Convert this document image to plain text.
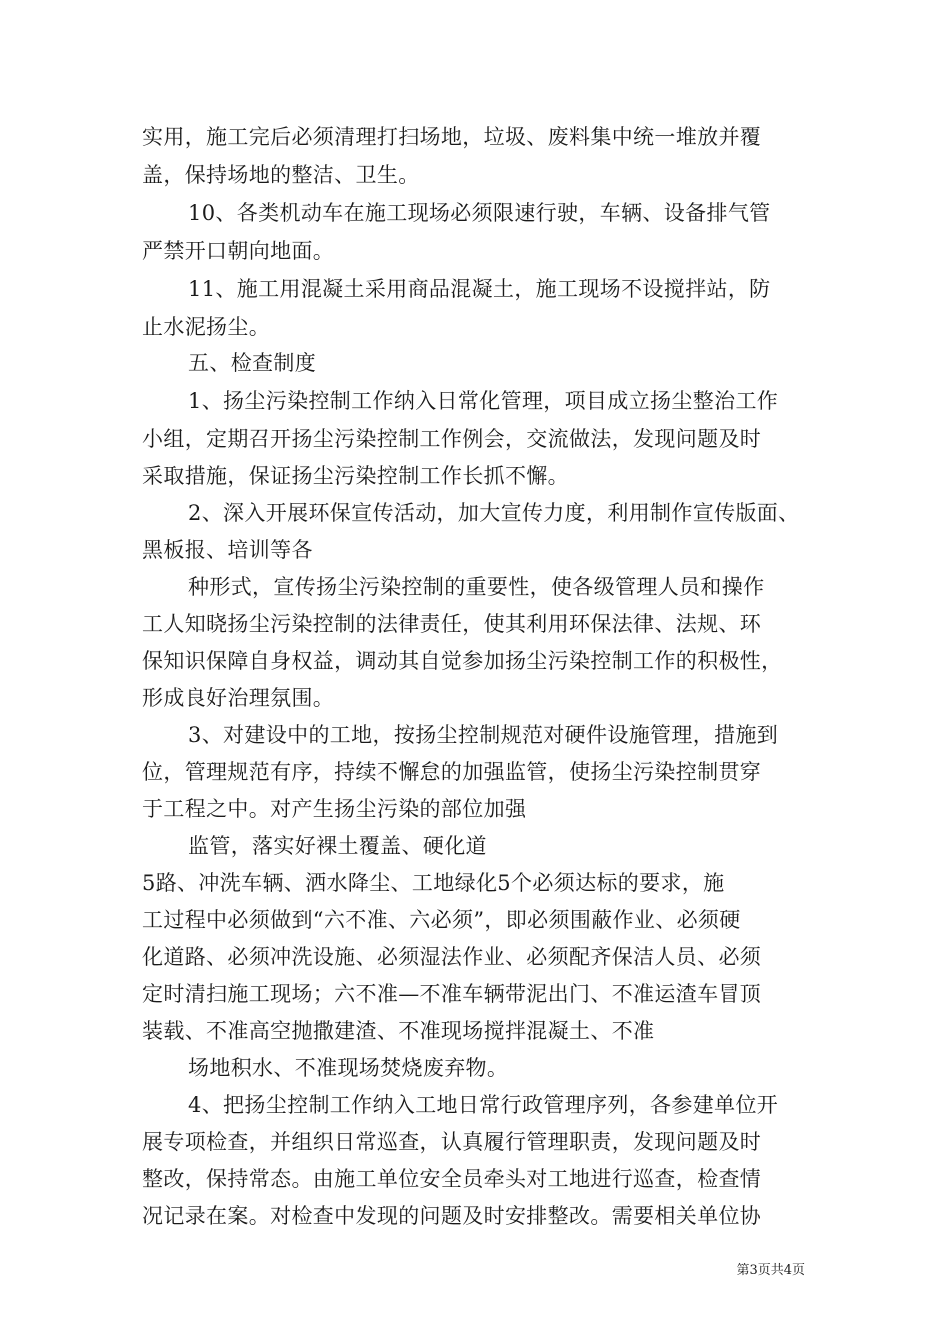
实用，施工完后必须清理打扫场地，垃圾、废料集中统一堆放并覆
盖，保持场地的整洁、卫生。
10、各类机动车在施工现场必须限速行驶，车辆、设备排气管
严禁开口朝向地面。
11、施工用混凝土采用商品混凝土，施工现场不设搅拌站，防
止水泥扬尘。
五、检查制度
1、扬尘污染控制工作纳入日常化管理，项目成立扬尘整治工作
小组，定期召开扬尘污染控制工作例会，交流做法，发现问题及时
采取措施，保证扬尘污染控制工作长抓不懈。
2、深入开展环保宣传活动，加大宣传力度，利用制作宣传版面、
黑板报、培训等各
种形式，宣传扬尘污染控制的重要性，使各级管理人员和操作
工人知晓扬尘污染控制的法律责任，使其利用环保法律、法规、环
保知识保障自身权益，调动其自觉参加扬尘污染控制工作的积极性，
形成良好治理氛围。
3、对建设中的工地，按扬尘控制规范对硬件设施管理，措施到
位，管理规范有序，持续不懈怠的加强监管，使扬尘污染控制贯穿
于工程之中。对产生扬尘污染的部位加强
监管，落实好裸土覆盖、硬化道
5路、冲洗车辆、洒水降尘、工地绿化5个必须达标的要求，施
工过程中必须做到“六不准、六必须”，即必须围蔽作业、必须硬
化道路、必须冲洗设施、必须湿法作业、必须配齐保洁人员、必须
定时清扫施工现场；六不准—不准车辆带泥出门、不准运渣车冒顶
装载、不准高空抛撒建渣、不准现场搅拌混凝土、不准
场地积水、不准现场焚烧废弃物。
4、把扬尘控制工作纳入工地日常行政管理序列，各参建单位开
展专项检查，并组织日常巡查，认真履行管理职责，发现问题及时
整改，保持常态。由施工单位安全员牵头对工地进行巡查，检查情
况记录在案。对检查中发现的问题及时安排整改。需要相关单位协
第3页共4页
